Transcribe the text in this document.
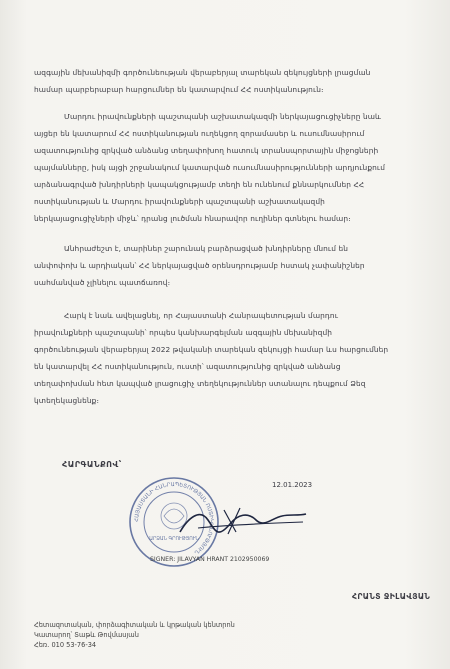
ազգային մեխանիզմի գործունեության վերաբերյալ տարեկան զեկույցների լրացման
համար պարբերաբար հարցումներ են կատարվում ՀՀ ոստիկանություն։
Մարդու իրավունքների պաշտպանի աշխատակազմի ներկայացուցիչները նաև
այցեր են կատարում ՀՀ ոստիկանության ուղեկցող զորամասեր և ուսումնասիրում
ազատությունից զրկված անձանց տեղափոխող հատուկ տրանսպորտային միջոցների
պայմանները, իսկ այցի շրջանակում կատարված ուսումնասիրությունների արդյունքում
արձանագրված խնդիրների կապակցությամբ տեղի են ունենում քննարկումներ ՀՀ
ոստիկանության և Մարդու իրավունքների պաշտպանի աշխատակազմի
ներկայացուցիչների միջև՝ դրանց լուծման հնարավոր ուղիներ գտնելու համար։
Անհրաժեշտ է, տարիներ շարունակ բարձրացված խնդիրները մնում են
անփոփոխ և արդիական՝ ՀՀ ներկայացված օրենսդրությամբ հստակ չափանիշներ
սահմանված չլինելու պատճառով։
Հարկ է նաև ավելացնել, որ Հայաստանի Հանրապետության մարդու
իրավունքների պաշտպանի՝ որպես կանխարգելման ազգային մեխանիզմի
գործունեության վերաբերյալ 2022 թվականի տարեկան զեկույցի համար ևս հարցումներ
են կատարվել ՀՀ ոստիկանություն, ուստի՝ ազատությունից զրկված անձանց
տեղափոխման հետ կապված լրացուցիչ տեղեկություններ ստանալու դեպքում Ձեզ
կտեղեկացնենք։
ՀԱՐԳԱՆՔՈՎ՝
12.01.2023
ՀԱՅԱՍՏԱՆԻ ՀԱՆՐԱՊԵՏՈՒԹՅԱՆ ՈՍՏԻԿԱՆՈՒԹՅՈՒՆ
ԱՐՁԱՆ ԳՐՈՒԹՅՈՒՆ
SIGNER: JILAVYAN HRANT 2102950069
ՀՐԱՆՏ ՋԻԼԱՎՅԱՆ
Հետազոտական, փորձագիտական և կրթական կենտրոն
Կատարող՝ Տաթև Թովմասյան
Հեռ․ 010 53-76-34
